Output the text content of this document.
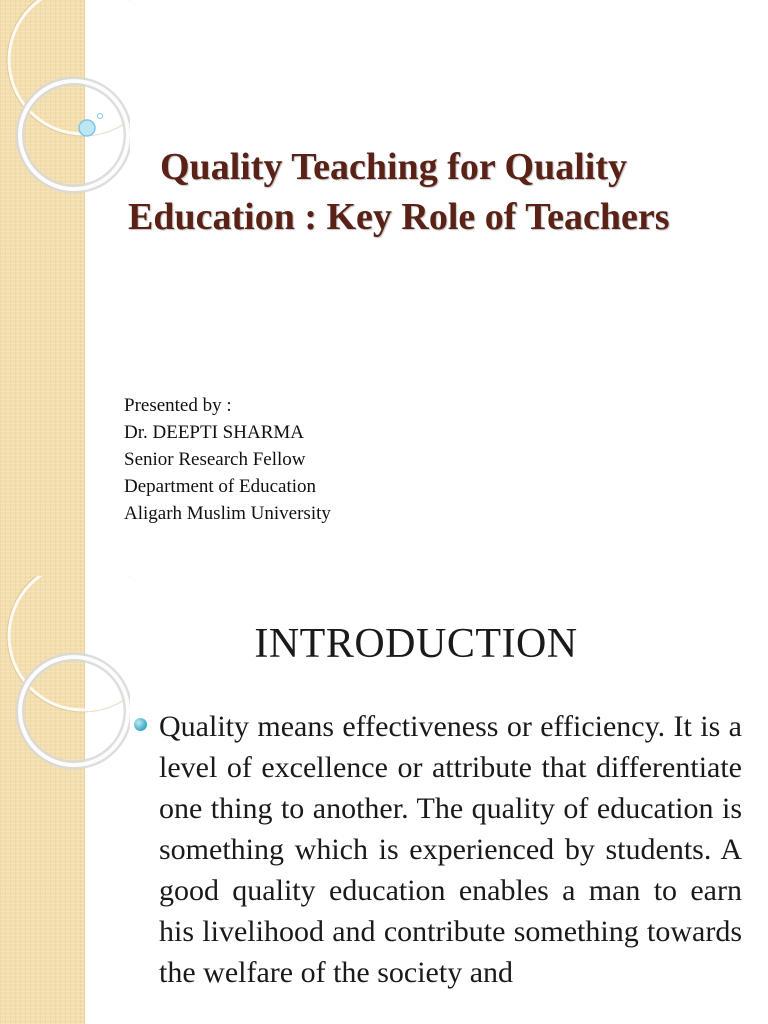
Quality Teaching for Quality
Education : Key Role of Teachers
Presented by :
Dr. DEEPTI SHARMA
Senior Research Fellow
Department of Education
Aligarh Muslim University
INTRODUCTION

Quality means effectiveness or efficiency. It is a level of excellence or attribute that differentiate one thing to another. The quality of education is something which is experienced by students. A good quality education enables a man to earn his livelihood and contribute something towards the welfare of the society and
